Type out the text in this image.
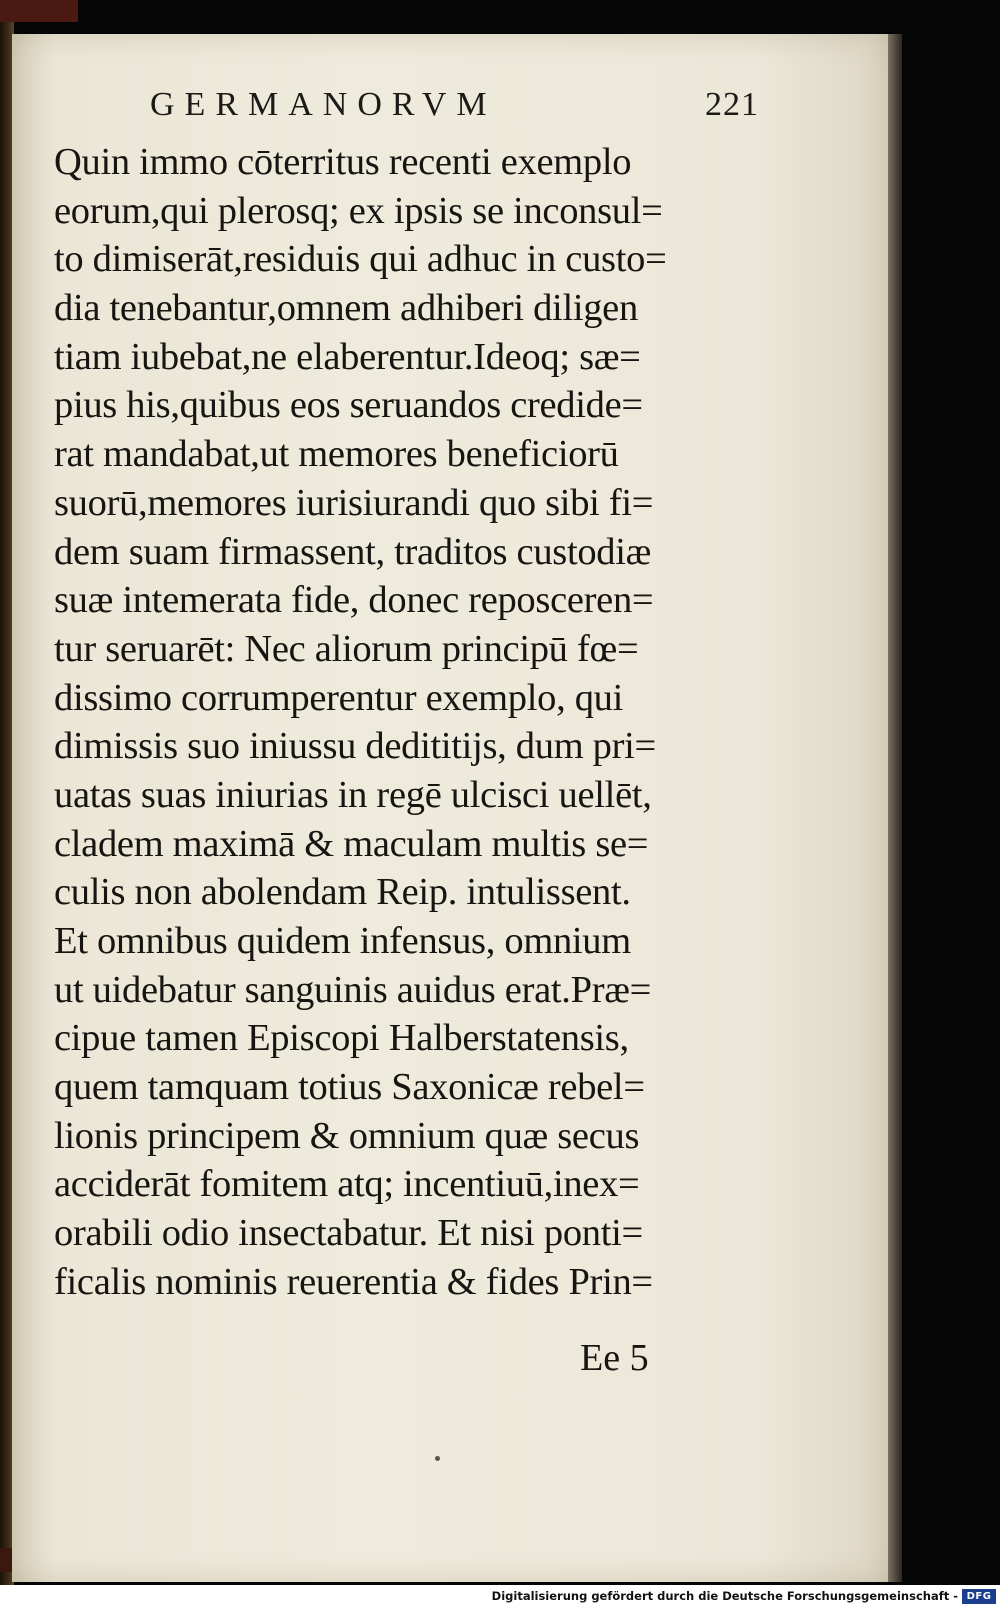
GERMANORVM	221
Quin immo cōterritus recenti exemplo
eorum,qui plerosq; ex ipsis se inconsul=
to dimiserāt,residuis qui adhuc in custo=
dia tenebantur,omnem adhiberi diligen
tiam iubebat,ne elaberentur.Ideoq; sæ=
pius his,quibus eos seruandos credide=
rat mandabat,ut memores beneficiorū
suorū,memores iurisiurandi quo sibi fi=
dem suam firmassent, traditos custodiæ
suæ intemerata fide, donec reposceren=
tur seruarēt: Nec aliorum principū fœ=
dissimo corrumperentur exemplo, qui
dimissis suo iniussu dedititijs, dum pri=
uatas suas iniurias in regē ulcisci uellēt,
cladem maximā & maculam multis se=
culis non abolendam Reip. intulissent.
Et omnibus quidem infensus, omnium
ut uidebatur sanguinis auidus erat.Præ=
cipue tamen Episcopi Halberstatensis,
quem tamquam totius Saxonicæ rebel=
lionis principem & omnium quæ secus
acciderāt fomitem atq; incentiuū,inex=
orabili odio insectabatur. Et nisi ponti=
ficalis nominis reuerentia & fides Prin=
Ee 5
Digitalisierung gefördert durch die Deutsche Forschungsgemeinschaft - DFG
